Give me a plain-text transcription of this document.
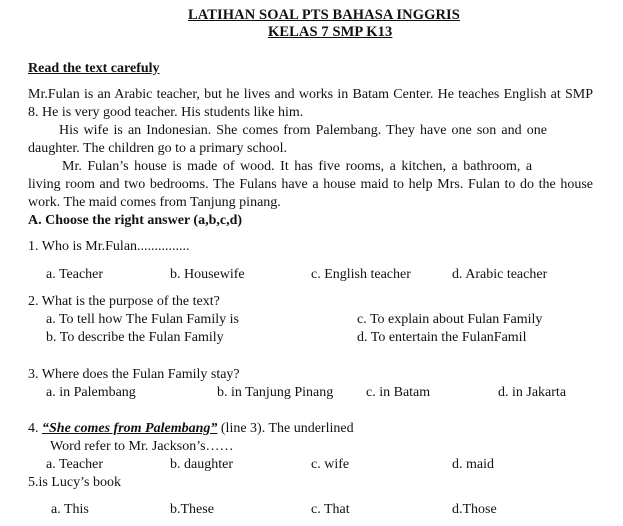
LATIHAN SOAL PTS BAHASA INGGRIS
KELAS 7 SMP K13
Read the text carefuly
Mr.Fulan is an Arabic teacher, but he lives and works in Batam Center. He teaches English at SMP 8. He is very good teacher. His students like him.
His wife is an Indonesian. She comes from Palembang. They have one son and one
daughter. The children go to a primary school.
Mr. Fulan’s house is made of wood. It has five rooms, a kitchen, a bathroom, a
living room and two bedrooms. The Fulans have a house maid to help Mrs. Fulan to do the house work. The maid comes from Tanjung pinang.
A. Choose the right answer (a,b,c,d)
1. Who is Mr.Fulan...............
a. Teacher	b. Housewife	c. English teacher	d. Arabic teacher
2. What is the purpose of the text?
a. To tell how The Fulan Family is
b. To describe the Fulan Family
c. To explain about Fulan Family
d. To entertain the FulanFamil
3. Where does the Fulan Family stay?
a. in Palembang	b. in Tanjung Pinang c. in Batam	d. in Jakarta
4. “She comes from Palembang” (line 3). The underlined
Word refer to Mr. Jackson’s……
a. Teacher	b. daughter	c. wife	d. maid
5.is Lucy’s book
a. This	b.These	c. That	d.Those
